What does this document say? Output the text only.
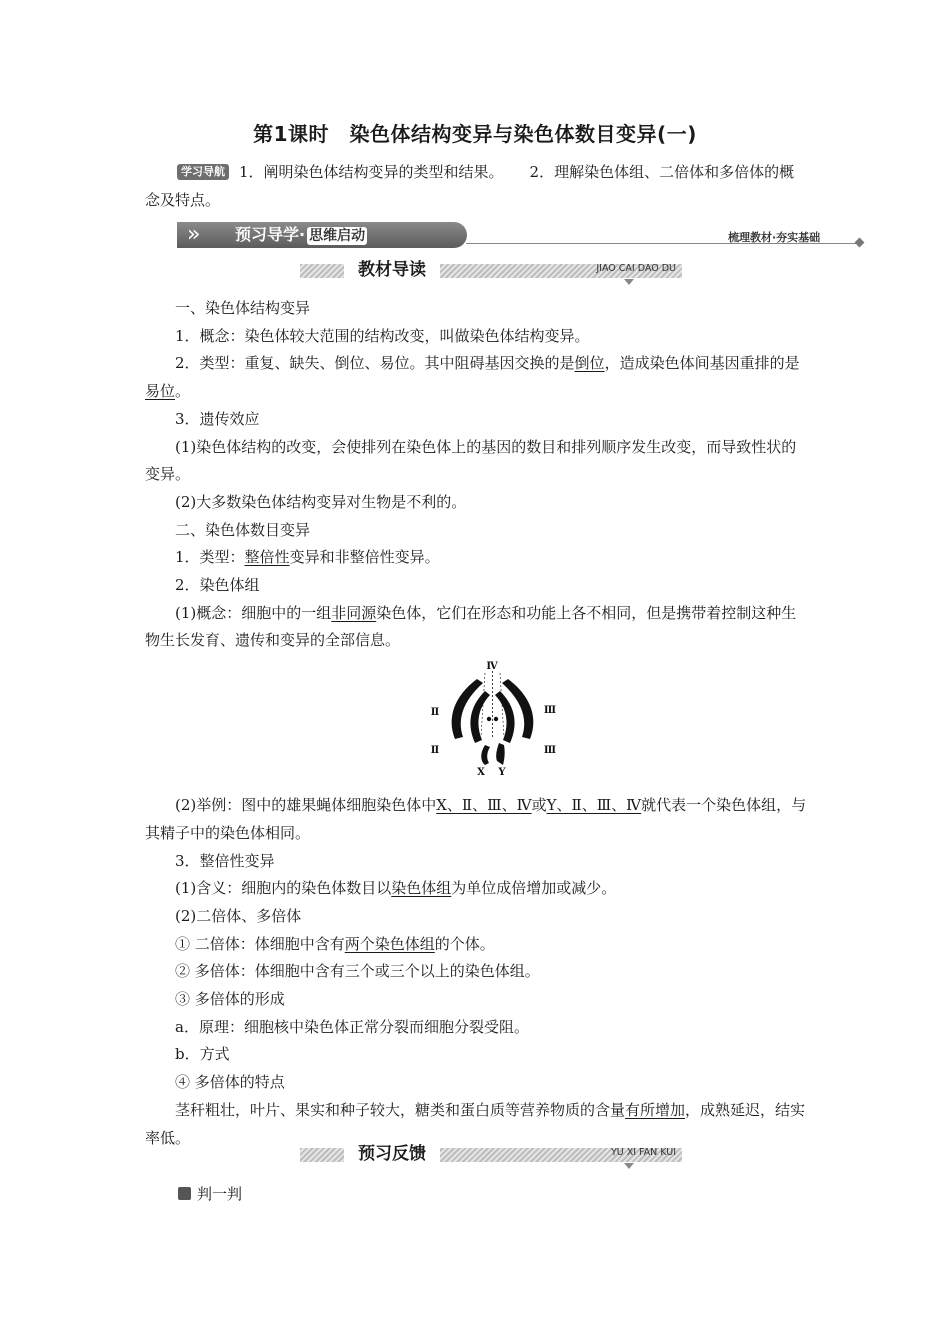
第1课时　染色体结构变异与染色体数目变异(一)
学习导航 1．阐明染色体结构变异的类型和结果。 2．理解染色体组、二倍体和多倍体的概念及特点。
» 预习导学· 思维启动	梳理教材·夯实基础
教材导读	JIAO CAI DAO DU

一、染色体结构变异

1．概念：染色体较大范围的结构改变，叫做染色体结构变异。

2．类型：重复、缺失、倒位、易位。其中阻碍基因交换的是倒位，造成染色体间基因重排的是易位。

3．遗传效应

(1)染色体结构的改变，会使排列在染色体上的基因的数目和排列顺序发生改变，而导致性状的变异。

(2)大多数染色体结构变异对生物是不利的。

二、染色体数目变异

1．类型：整倍性变异和非整倍性变异。

2．染色体组

(1)概念：细胞中的一组非同源染色体，它们在形态和功能上各不相同，但是携带着控制这种生物生长发育、遗传和变异的全部信息。

(2)举例：图中的雄果蝇体细胞染色体中X、Ⅱ、Ⅲ、Ⅳ或Y、Ⅱ、Ⅲ、Ⅳ就代表一个染色体组，与其精子中的染色体相同。

3．整倍性变异

(1)含义：细胞内的染色体数目以染色体组为单位成倍增加或减少。

(2)二倍体、多倍体

① 二倍体：体细胞中含有两个染色体组的个体。

② 多倍体：体细胞中含有三个或三个以上的染色体组。

③ 多倍体的形成

a．原理：细胞核中染色体正常分裂而细胞分裂受阻。

b．方式

④ 多倍体的特点

茎秆粗壮，叶片、果实和种子较大，糖类和蛋白质等营养物质的含量有所增加，成熟延迟，结实率低。

Ⅳ
Ⅱ
Ⅱ
Ⅲ
Ⅲ
X Y
预习反馈	YU XI FAN KUI
判一判
